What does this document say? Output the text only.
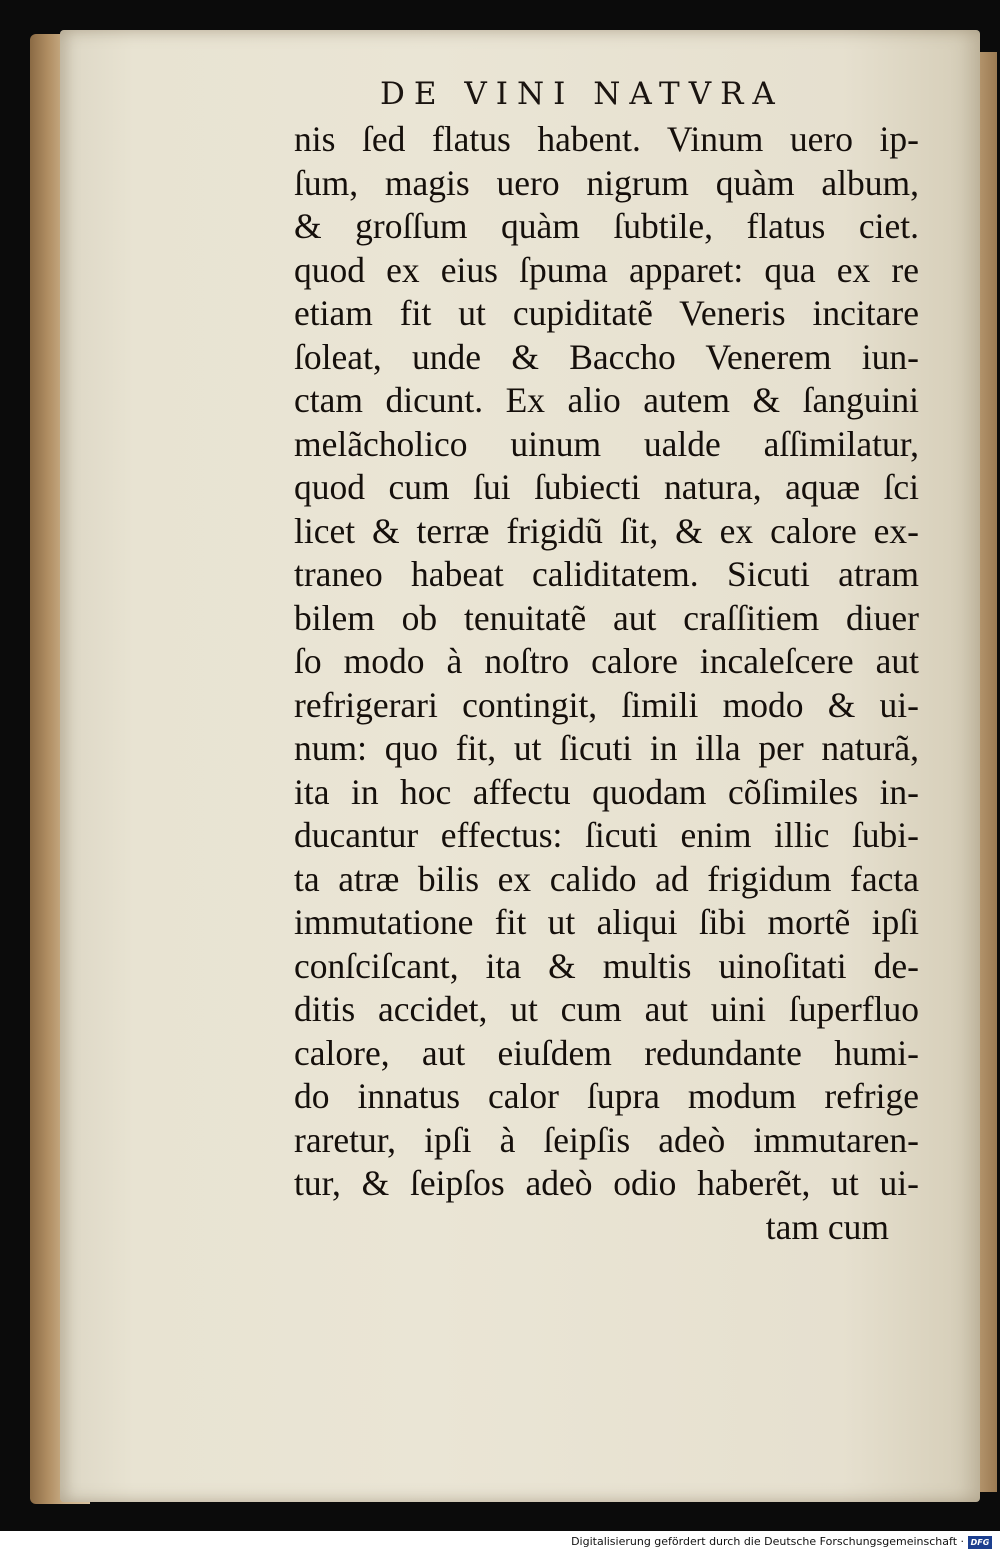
DE VINI NATVRA
nis ſed flatus habent. Vinum uero ip‑
ſum, magis uero nigrum quàm album,
& groſſum quàm ſubtile, flatus ciet.
quod ex eius ſpuma apparet: qua ex re
etiam fit ut cupiditatẽ Veneris incitare
ſoleat, unde & Baccho Venerem iun‑
ctam dicunt. Ex alio autem & ſanguini
melãcholico uinum ualde aſſimilatur,
quod cum ſui ſubiecti natura, aquæ ſci
licet & terræ frigidũ ſit, & ex calore ex‑
traneo habeat caliditatem. Sicuti atram
bilem ob tenuitatẽ aut craſſitiem diuer
ſo modo à noſtro calore incaleſcere aut
refrigerari contingit, ſimili modo & ui‑
num: quo fit, ut ſicuti in illa per naturã,
ita in hoc affectu quodam cõſimiles in‑
ducantur effectus: ſicuti enim illic ſubi‑
ta atræ bilis ex calido ad frigidum facta
immutatione fit ut aliqui ſibi mortẽ ipſi
conſciſcant, ita & multis uinoſitati de‑
ditis accidet, ut cum aut uini ſuperfluo
calore, aut eiuſdem redundante humi‑
do innatus calor ſupra modum refrige
raretur, ipſi à ſeipſis adeò immutaren‑
tur, & ſeipſos adeò odio haberẽt, ut ui‑
tam cum
Digitalisierung gefördert durch die Deutsche Forschungsgemeinschaft · DFG
